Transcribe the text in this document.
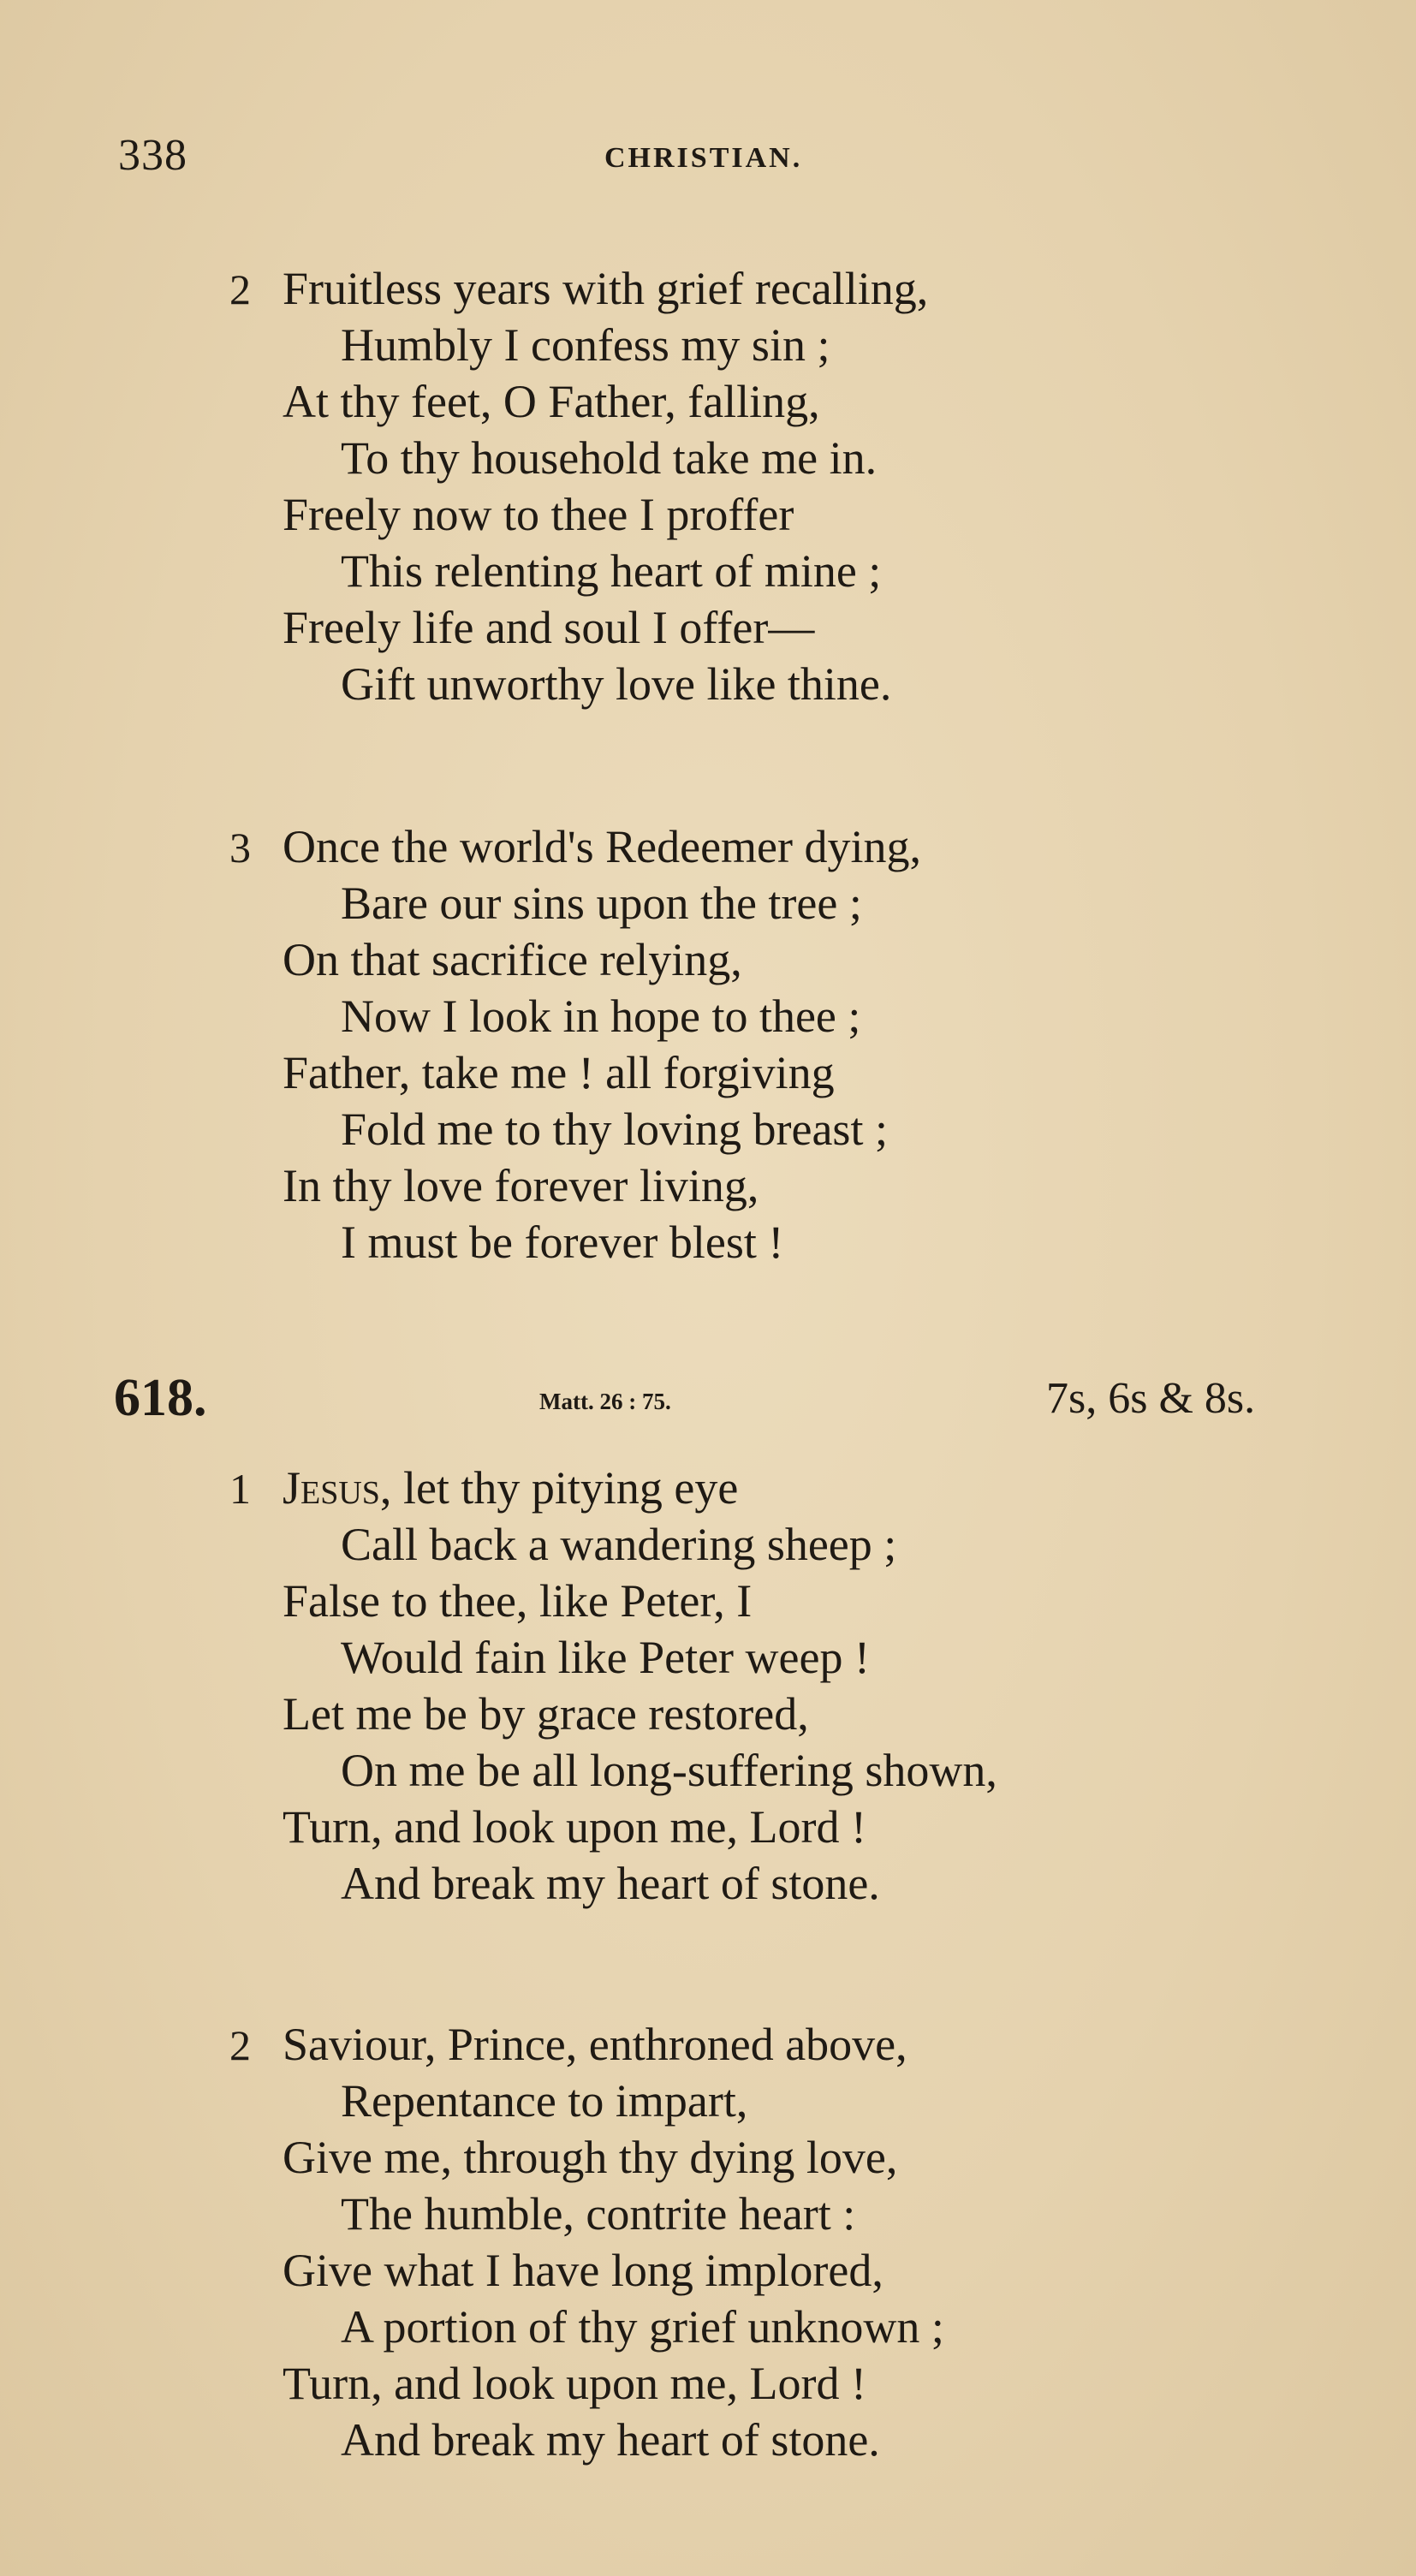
338	CHRISTIAN.
2 Fruitless years with grief recalling,
Humbly I confess my sin ;
At thy feet, O Father, falling,
To thy household take me in.
Freely now to thee I proffer
This relenting heart of mine ;
Freely life and soul I offer—
Gift unworthy love like thine.
3 Once the world's Redeemer dying,
Bare our sins upon the tree ;
On that sacrifice relying,
Now I look in hope to thee ;
Father, take me ! all forgiving
Fold me to thy loving breast ;
In thy love forever living,
I must be forever blest !
618.	Matt. 26 : 75.	7s, 6s & 8s.
1 Jesus, let thy pitying eye
Call back a wandering sheep ;
False to thee, like Peter, I
Would fain like Peter weep !
Let me be by grace restored,
On me be all long-suffering shown,
Turn, and look upon me, Lord !
And break my heart of stone.
2 Saviour, Prince, enthroned above,
Repentance to impart,
Give me, through thy dying love,
The humble, contrite heart :
Give what I have long implored,
A portion of thy grief unknown ;
Turn, and look upon me, Lord !
And break my heart of stone.
